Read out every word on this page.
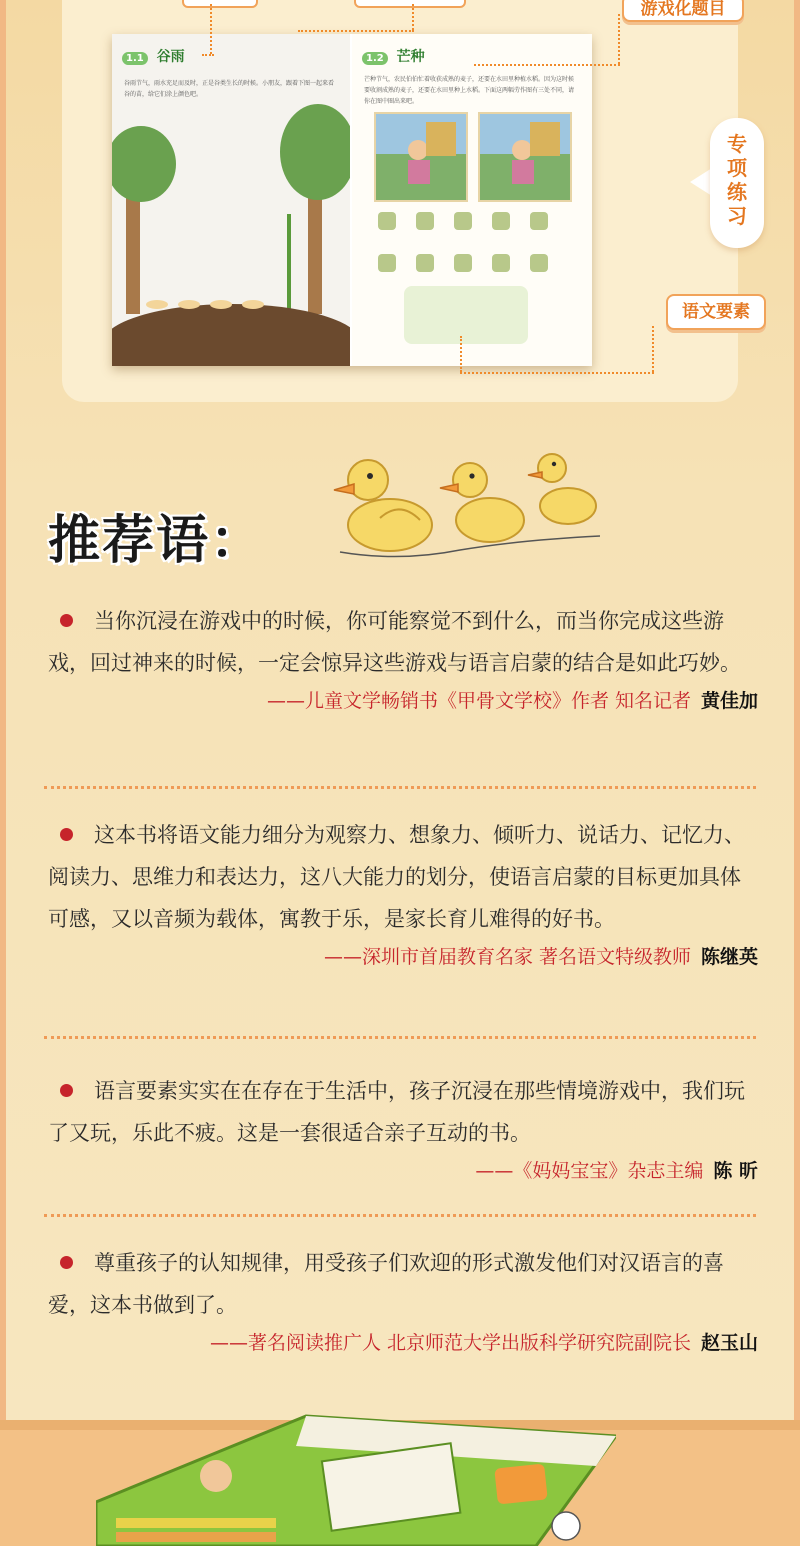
1.1 谷雨
谷雨节气，雨水充足而及时，正是谷类生长的时候。小朋友，跟着下图一起来看谷的苗，给它们涂上颜色吧。
1.2 芒种
芒种节气，农民伯伯忙着收获成熟的麦子，还要在水田里种植水稻。因为这时候要收割成熟的麦子，还要在水田里种上水稻。下面这两幅劳作图有三处不同，请你在图中圈出来吧。
游戏化题目
专
项
练
习
语文要素
推荐语：

当你沉浸在游戏中的时候，你可能察觉不到什么，而当你完成这些游戏，回过神来的时候，一定会惊异这些游戏与语言启蒙的结合是如此巧妙。

——儿童文学畅销书《甲骨文学校》作者 知名记者 黄佳加

这本书将语文能力细分为观察力、想象力、倾听力、说话力、记忆力、阅读力、思维力和表达力，这八大能力的划分，使语言启蒙的目标更加具体可感，又以音频为载体，寓教于乐，是家长育儿难得的好书。

——深圳市首届教育名家 著名语文特级教师 陈继英

语言要素实实在在存在于生活中，孩子沉浸在那些情境游戏中，我们玩了又玩，乐此不疲。这是一套很适合亲子互动的书。

——《妈妈宝宝》杂志主编 陈 昕

尊重孩子的认知规律，用受孩子们欢迎的形式激发他们对汉语言的喜爱，这本书做到了。

——著名阅读推广人 北京师范大学出版科学研究院副院长 赵玉山
